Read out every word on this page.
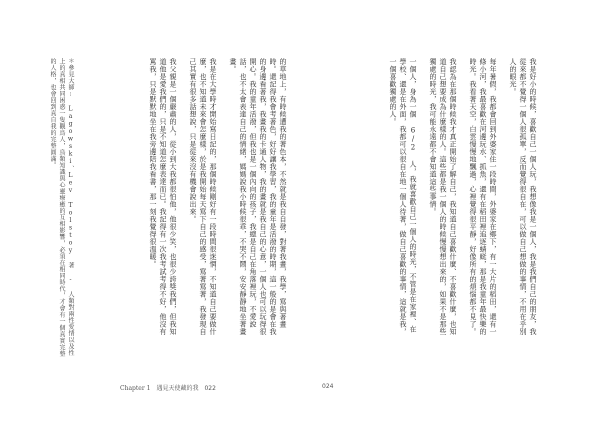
的草地上，有時候遭我的著色本，不然就是我自自發，對著我畫，我學，寫與著畫時。還記得我會考著色，好好讓我學習，我的童年是活潑的時期，這一般的是會在我的身邊看著我，我畫我的卡通人物，我的畫就是我自己的心意，一個人也可以玩得很開心。我的童年活潑，但我也是一個內向的孩子，我總是自己在角落裡玩，不愛說話，也不太會表達自己的情緒，媽媽說我小時候很乖，不哭不鬧，安安靜靜地坐著畫畫。

我是在大學時才開始寫日記的，那個時候剛好有一段時間很迷惘，不知道自己要做什麼，也不知道未來會怎麼樣，於是我開始每天寫下自己的感受，寫著寫著，我發現自己其實有很多話想說，只是從來沒有機會說出來。

我父親是一個嚴肅的人，從小到大我都很怕他，他很少笑，也很少誇獎我們，但我知道他是愛我們的，只是不知道怎麼表達而已。我記得有一次我考試考得不好，他沒有罵我，只是默默地坐在我旁邊陪我看書，那一刻我覺得很溫暖。
＊參見大師: Lagowski、Lev Tolstoy 著 - 人類對兩性愛情以及性上的真相共同困惑一隻觀鳥人，鳥類知識與心靈療癒的互相影響，必須在相同時代，才會有一個真實完整的人格，也會回到真自我的完整圓滿。
Chapter 1 遇見天使藏的我 022
我是好小的時候，喜歡自己一個人玩，我想像我是一個人，我是我們自己的朋友，我從來都不覺得一個人很孤單，反而覺得很自在，可以做自己想做的事情，不用在乎別人的眼光。

每年暑假，我都會回到外婆家住一段時間，外婆家在鄉下，有一大片的稻田，還有一條小河，我最喜歡在河邊玩水、抓魚，還有在稻田裡追逐蜻蜓，那是我童年最快樂的時光。我看著天空，白雲慢慢地飄過，心裡覺得很平靜，好像所有的煩惱都不見了。

我認為在那個時候我才真正開始了解自己，我知道自己喜歡什麼、不喜歡什麼，也知道自己想要成為什麼樣的人。這些都是我一個人的時候慢慢想出來的，如果不是那些獨處的時光，我可能永遠都不會知道這些事情。

一個人，身為一個 6/2 人，我就喜歡自己一個人的時光，不管是在家裡、在學校、還是在外面，我都可以很自在地一個人待著，做自己喜歡的事情，這就是我，一個喜歡獨處的人。
024
